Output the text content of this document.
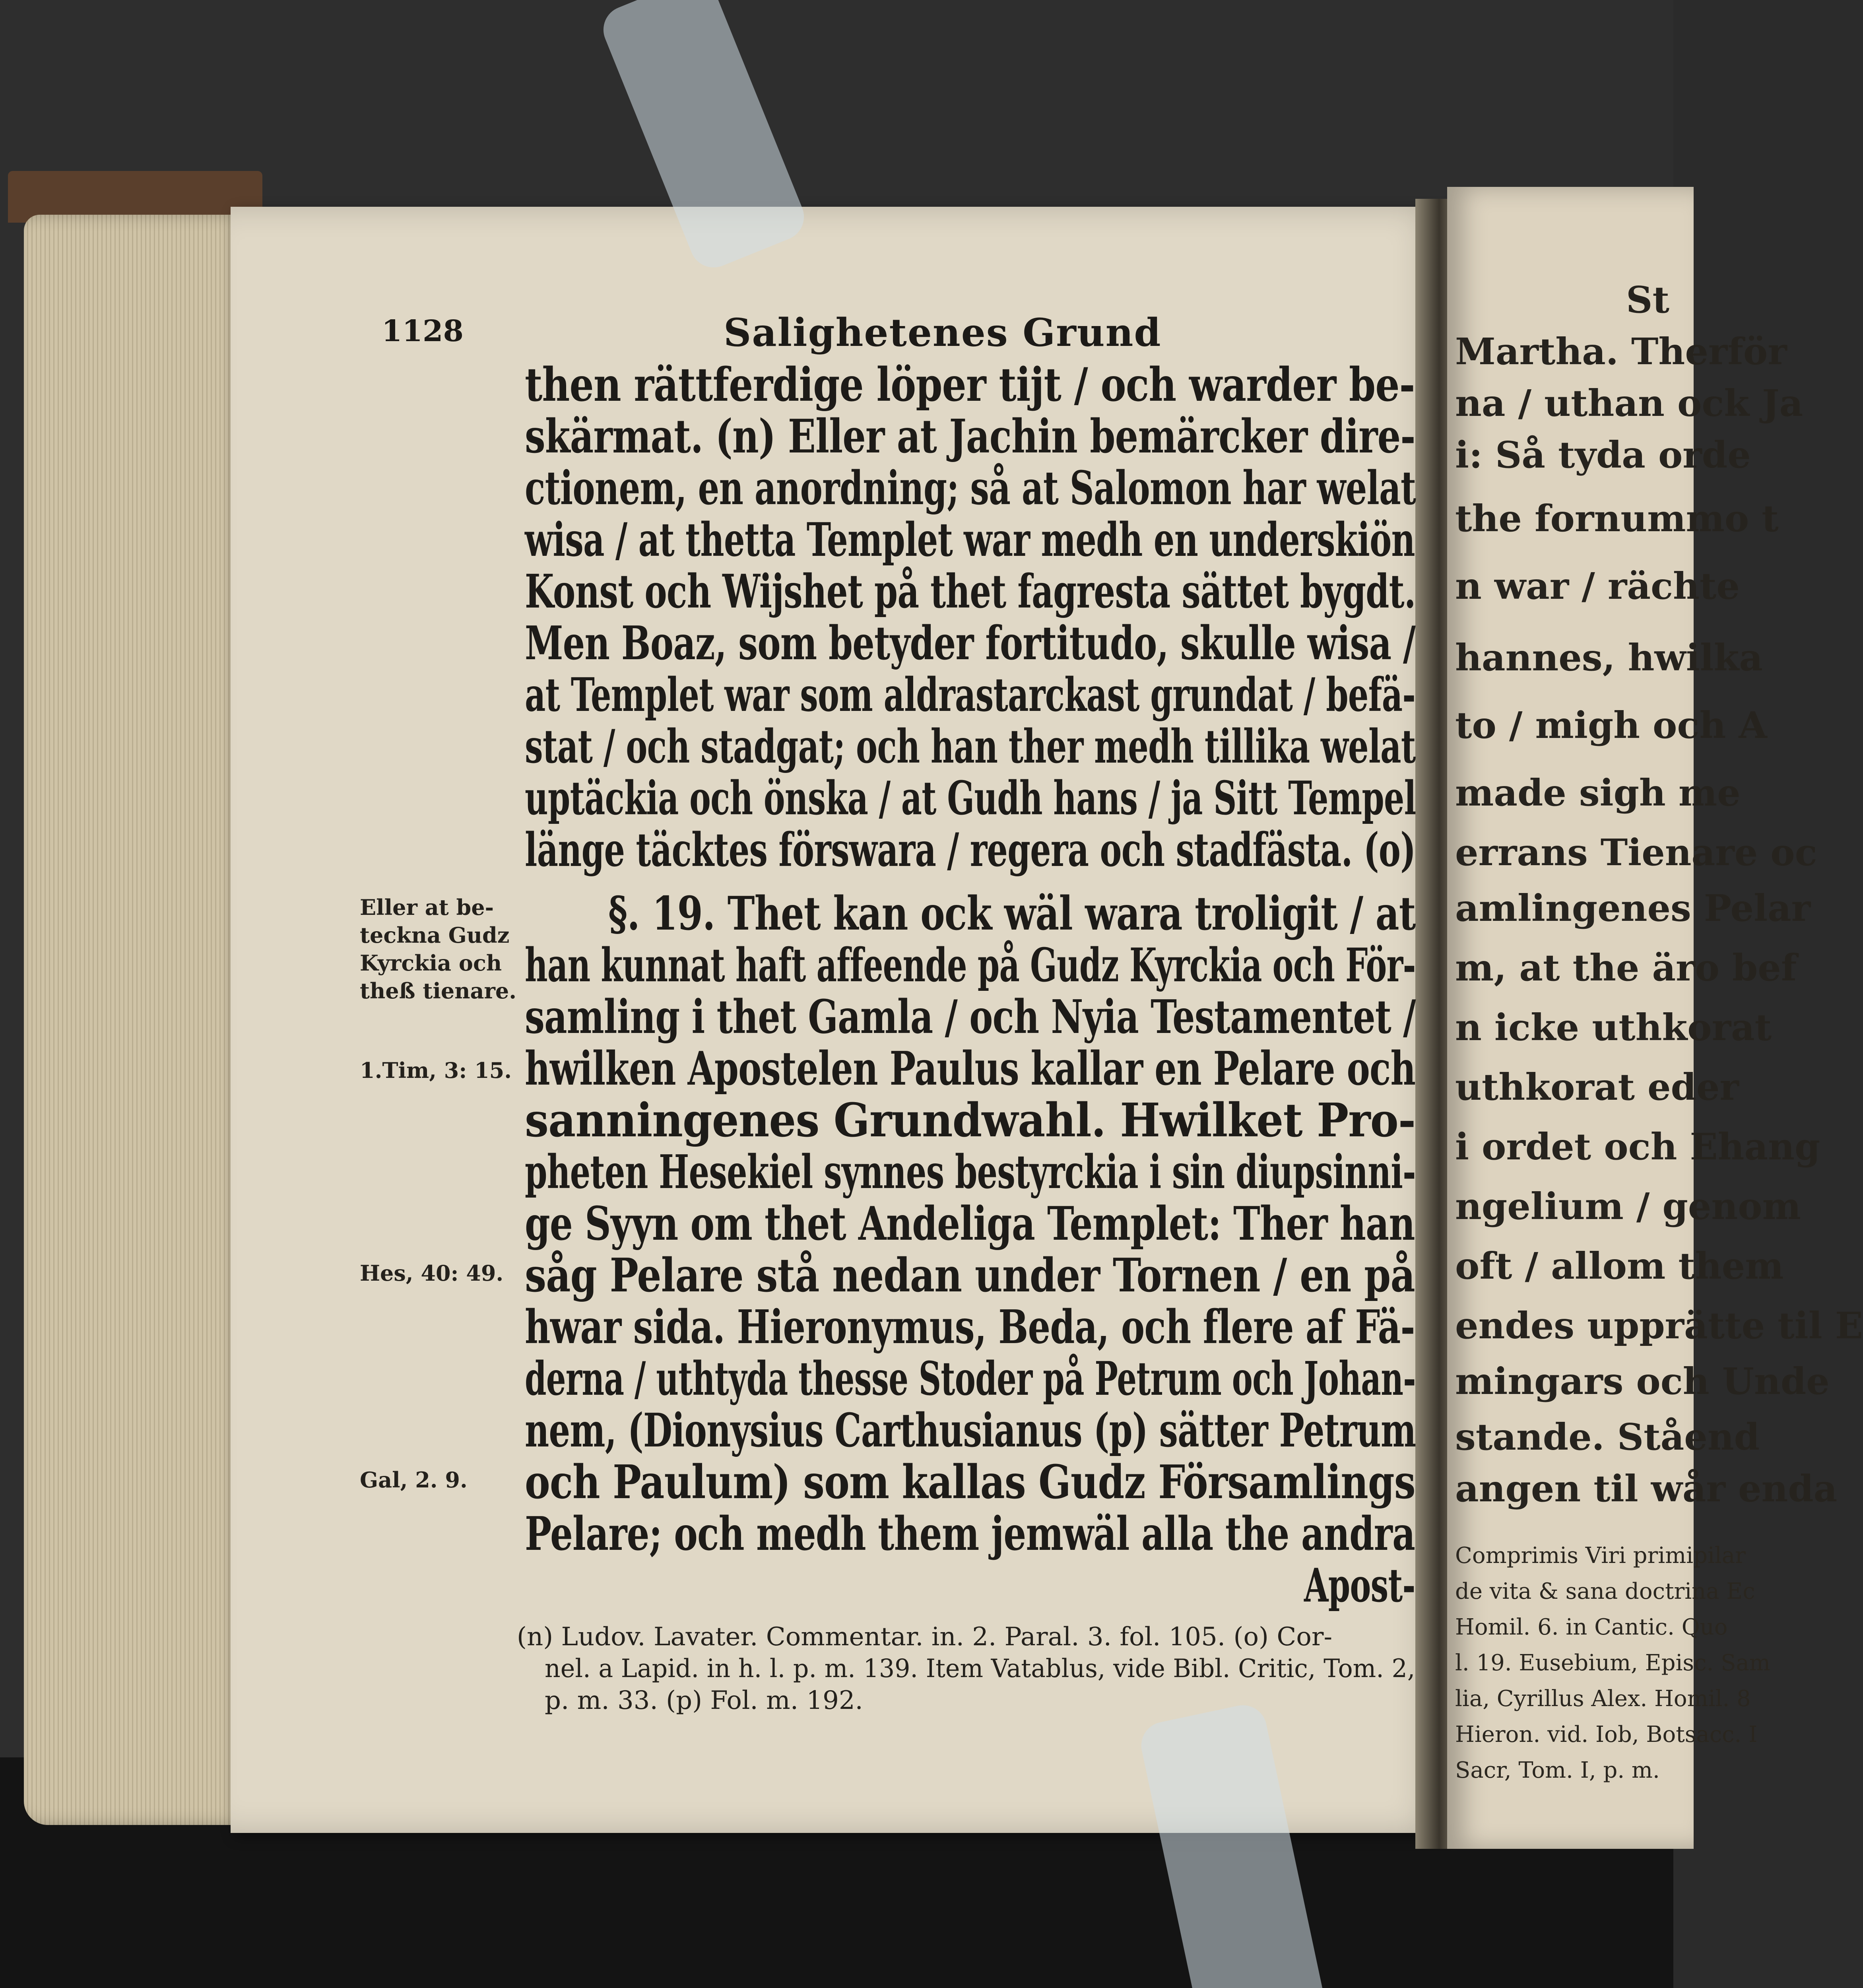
1128	Salighetenes Grund
then rättferdige löper tijt / och warder be-
skärmat. (n) Eller at Jachin bemärcker dire-
ctionem, en anordning; så at Salomon har welat
wisa / at thetta Templet war medh en underskiön
Konst och Wijshet på thet fagresta sättet bygdt.
Men Boaz, som betyder fortitudo, skulle wisa /
at Templet war som aldrastarckast grundat / befä-
stat / och stadgat; och han ther medh tillika welat
uptäckia och önska / at Gudh hans / ja Sitt Tempel
länge täcktes förswara / regera och stadfästa. (o)
§. 19. Thet kan ock wäl wara troligit / at
han kunnat haft affeende på Gudz Kyrckia och För-
samling i thet Gamla / och Nyia Testamentet /
hwilken Apostelen Paulus kallar en Pelare och
sanningenes Grundwahl. Hwilket Pro-
pheten Hesekiel synnes bestyrckia i sin diupsinni-
ge Syyn om thet Andeliga Templet: Ther han
såg Pelare stå nedan under Tornen / en på
hwar sida. Hieronymus, Beda, och flere af Fä-
derna / uthtyda thesse Stoder på Petrum och Johan-
nem, (Dionysius Carthusianus (p) sätter Petrum
och Paulum) som kallas Gudz Församlings
Pelare; och medh them jemwäl alla the andra
Apost-
Eller at be-
teckna Gudz
Kyrckia och
theß tienare.
1.Tim, 3: 15.
Hes, 40: 49.
Gal, 2. 9.
(n) Ludov. Lavater. Commentar. in. 2. Paral. 3. fol. 105. (o) Cor-
nel. a Lapid. in h. l. p. m. 139. Item Vatablus, vide Bibl. Critic, Tom. 2,
p. m. 33. (p) Fol. m. 192.
St
Martha. Therför
na / uthan ock Ja
i: Så tyda orde
the fornummo t
n war / rächte
hannes, hwilka
to / migh och A
made sigh me
errans Tienare oc
amlingenes Pelar
m, at the äro bef
n icke uthkorat
uthkorat eder
i ordet och Ehang
ngelium / genom
oft / allom them
endes upprätte til E
mingars och Unde
stande. Ståend
angen til wår enda
Comprimis Viri primipilar
de vita & sana doctrina Ec
Homil. 6. in Cantic. Quo
l. 19. Eusebium, Episc. Sam
lia, Cyrillus Alex. Homil. 8
Hieron. vid. Iob, Botsacc. I
Sacr, Tom. I, p. m.
